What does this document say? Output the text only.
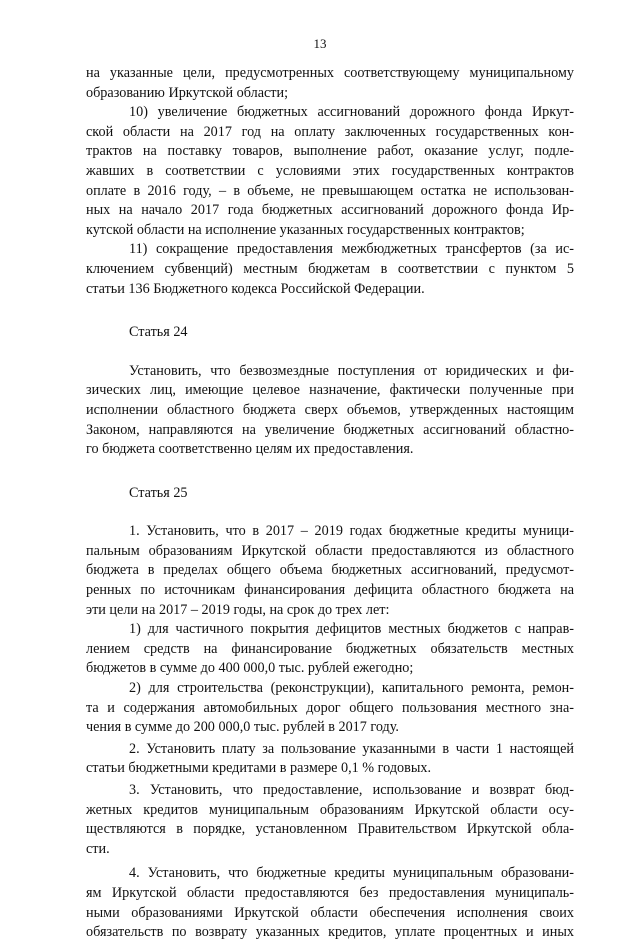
13
на указанные цели, предусмотренных соответствующему муниципальному
образованию Иркутской области;
10) увеличение бюджетных ассигнований дорожного фонда Иркут-
ской области на 2017 год на оплату заключенных государственных кон-
трактов на поставку товаров, выполнение работ, оказание услуг, подле-
жавших в соответствии с условиями этих государственных контрактов
оплате в 2016 году, – в объеме, не превышающем остатка не использован-
ных на начало 2017 года бюджетных ассигнований дорожного фонда Ир-
кутской области на исполнение указанных государственных контрактов;
11) сокращение предоставления межбюджетных трансфертов (за ис-
ключением субвенций) местным бюджетам в соответствии с пунктом 5
статьи 136 Бюджетного кодекса Российской Федерации.
Статья 24
Установить, что безвозмездные поступления от юридических и фи-
зических лиц, имеющие целевое назначение, фактически полученные при
исполнении областного бюджета сверх объемов, утвержденных настоящим
Законом, направляются на увеличение бюджетных ассигнований областно-
го бюджета соответственно целям их предоставления.
Статья 25
1. Установить, что в 2017 – 2019 годах бюджетные кредиты муници-
пальным образованиям Иркутской области предоставляются из областного
бюджета в пределах общего объема бюджетных ассигнований, предусмот-
ренных по источникам финансирования дефицита областного бюджета на
эти цели на 2017 – 2019 годы, на срок до трех лет:
1) для частичного покрытия дефицитов местных бюджетов с направ-
лением средств на финансирование бюджетных обязательств местных
бюджетов в сумме до 400 000,0 тыс. рублей ежегодно;
2) для строительства (реконструкции), капитального ремонта, ремон-
та и содержания автомобильных дорог общего пользования местного зна-
чения в сумме до 200 000,0 тыс. рублей в 2017 году.
2. Установить плату за пользование указанными в части 1 настоящей
статьи бюджетными кредитами в размере 0,1 % годовых.
3. Установить, что предоставление, использование и возврат бюд-
жетных кредитов муниципальным образованиям Иркутской области осу-
ществляются в порядке, установленном Правительством Иркутской обла-
сти.
4. Установить, что бюджетные кредиты муниципальным образовани-
ям Иркутской области предоставляются без предоставления муниципаль-
ными образованиями Иркутской области обеспечения исполнения своих
обязательств по возврату указанных кредитов, уплате процентных и иных
